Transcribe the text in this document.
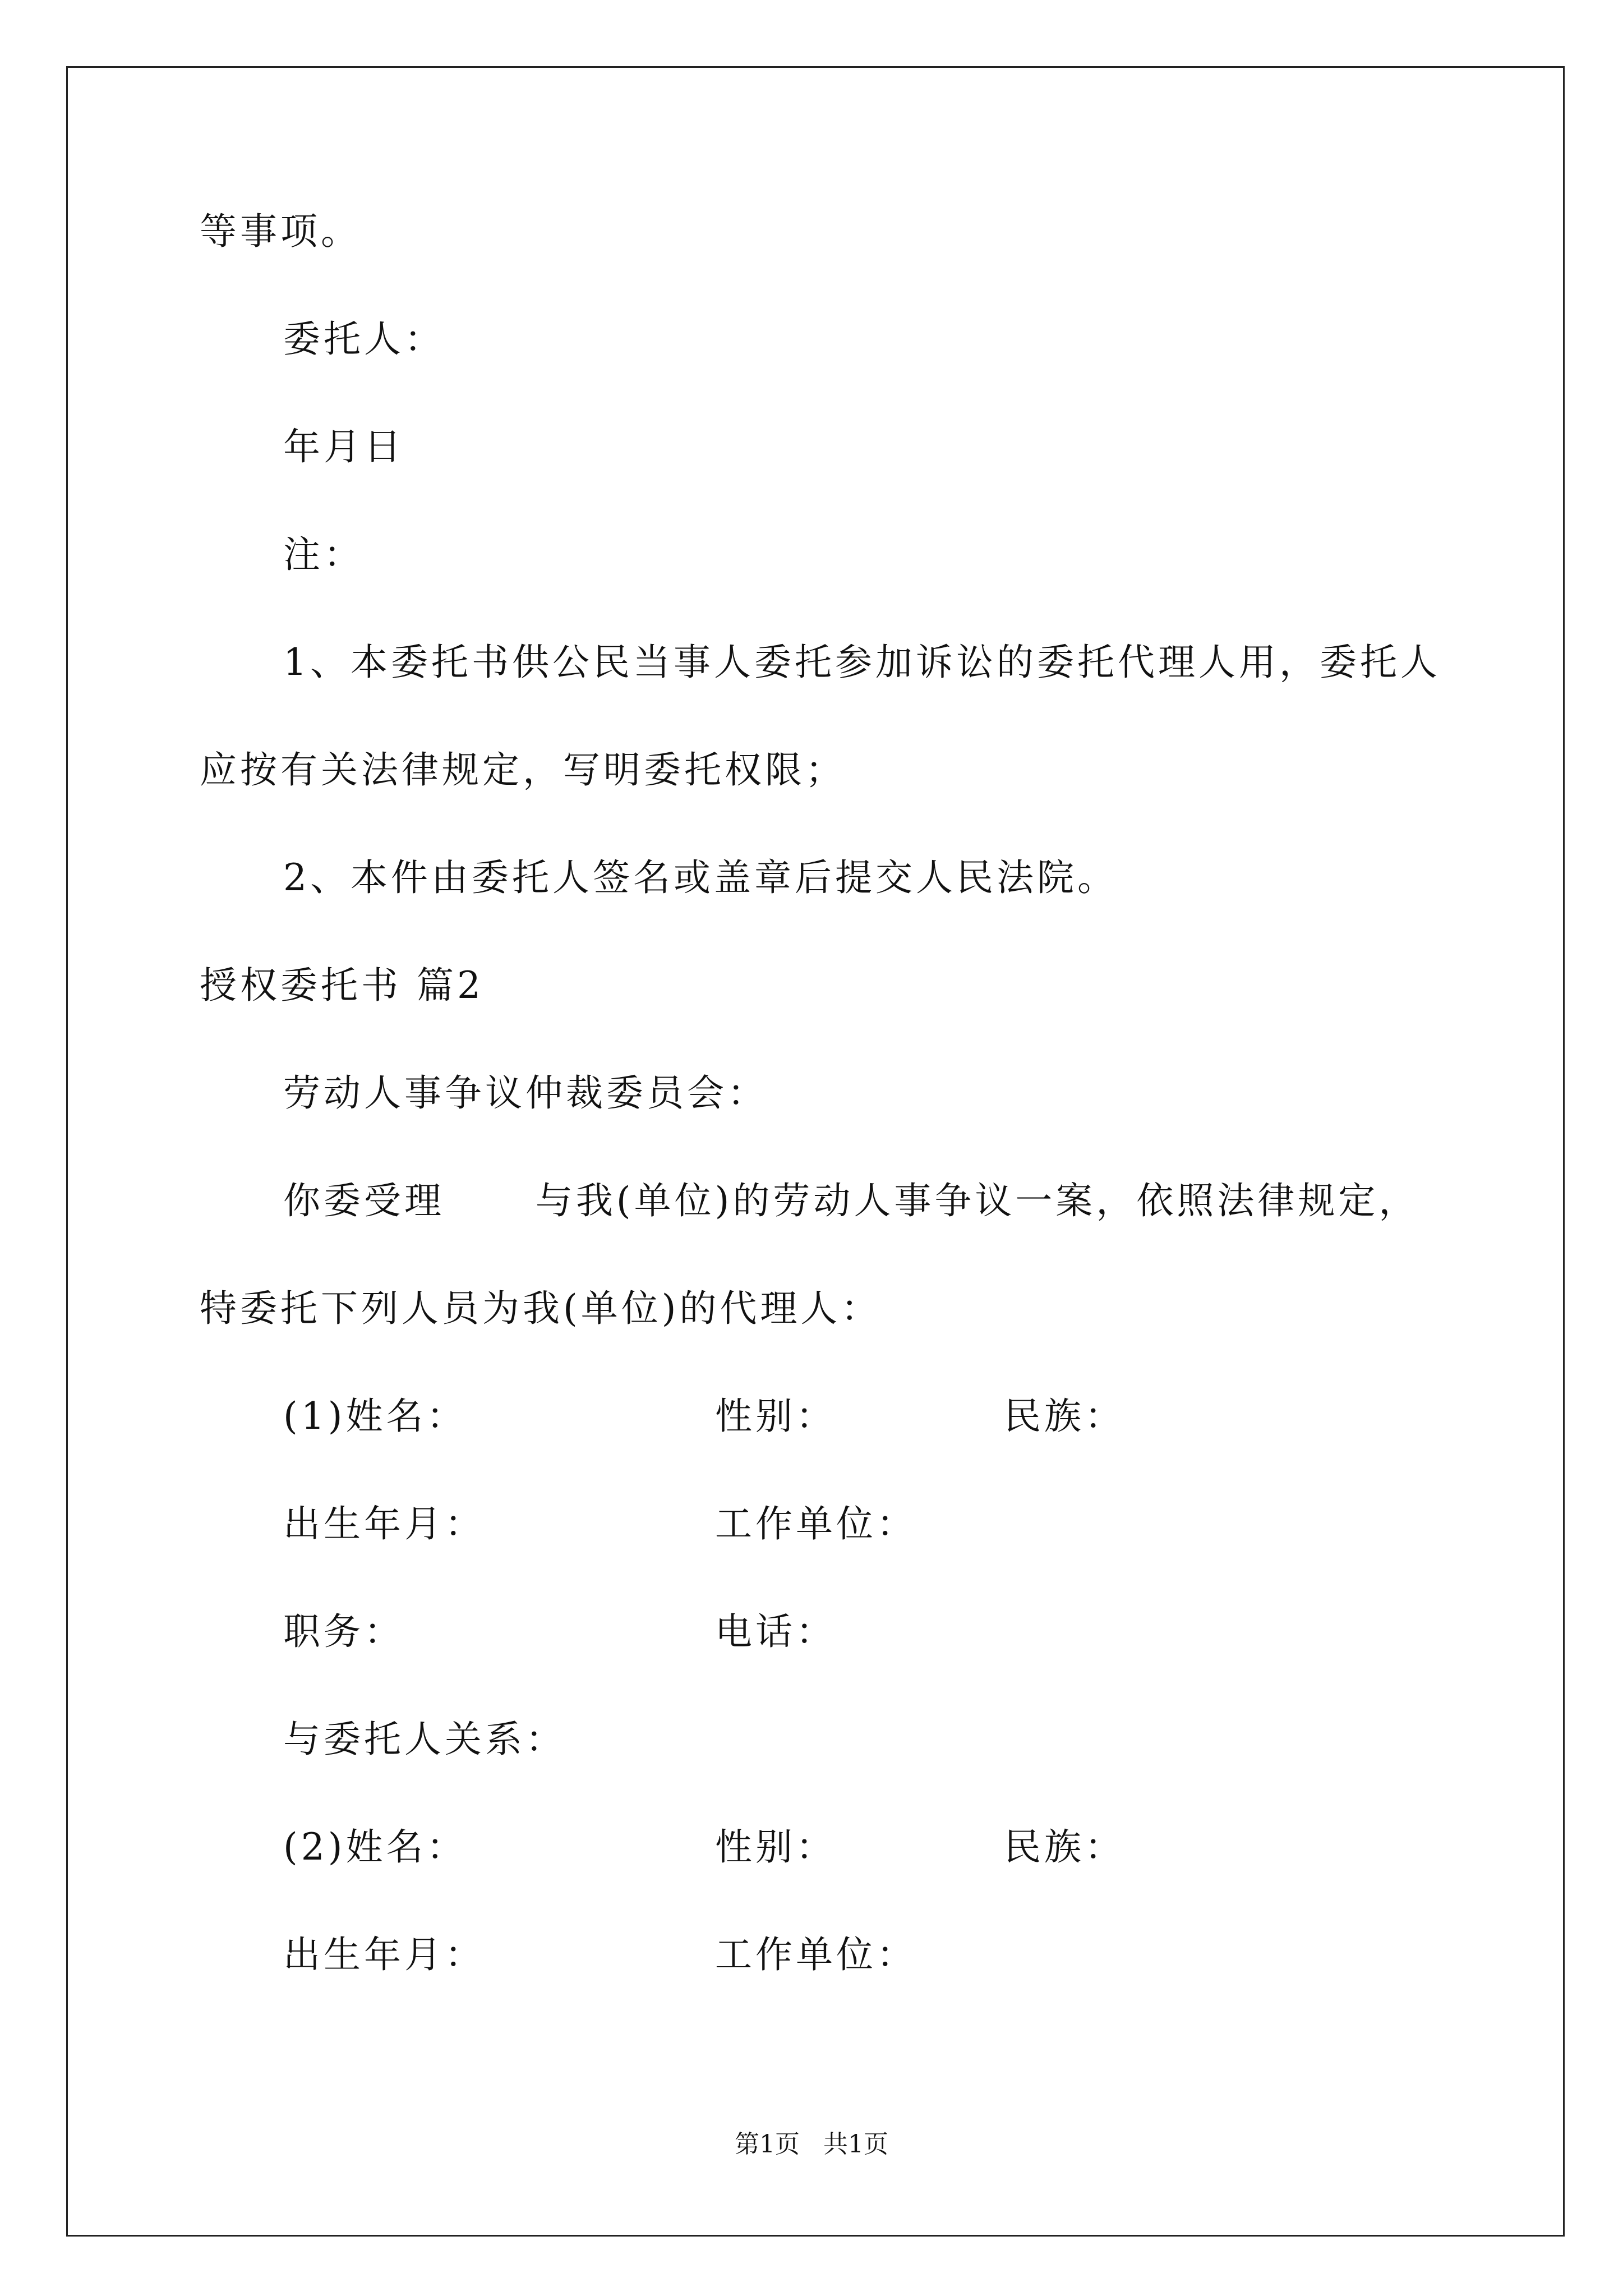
等事项。
委托人：
年月日
注：
1、本委托书供公民当事人委托参加诉讼的委托代理人用，委托人
应按有关法律规定，写明委托权限；
2、本件由委托人签名或盖章后提交人民法院。
授权委托书 篇2
劳动人事争议仲裁委员会：
你委受理      与我(单位)的劳动人事争议一案，依照法律规定，
特委托下列人员为我(单位)的代理人：
(1)姓名：	性别：	民族：
出生年月：	工作单位：
职务：	电话：
与委托人关系：
(2)姓名：	性别：	民族：
出生年月：	工作单位：
第1页   共1页
